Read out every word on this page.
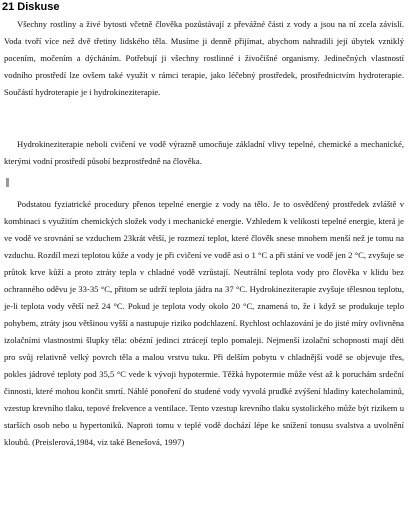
21 Diskuse

Všechny rostliny a živé bytosti včetně člověka pozůstávají z převážné části z vody a jsou na ní zcela závislí. Voda tvoří více než dvě třetiny lidského těla. Musíme ji denně přijímat, abychom nahradili její úbytek vzniklý pocením, močením a dýcháním. Potřebují ji všechny rostlinné i živočišné organismy. Jedinečných vlastností vodního prostředí lze ovšem také využít v rámci terapie, jako léčebný prostředek, prostřednictvím hydroterapie. Součástí hydroterapie je i hydrokineziterapie.

Hydrokineziterapie neboli cvičení ve vodě výrazně umocňuje základní vlivy tepelné, chemické a mechanické, kterými vodní prostředí působí bezprostředně na člověka.

Podstatou fyziatrické procedury přenos tepelné energie z vody na tělo. Je to osvědčený prostředek zvláště v kombinaci s využitím chemických složek vody i mechanické energie. Vzhledem k velikosti tepelné energie, která je ve vodě ve srovnání se vzduchem 23krát větší, je rozmezí teplot, které člověk snese mnohem menší než je tomu na vzduchu. Rozdíl mezi teplotou kůže a vody je při cvičení ve vodě asi o 1 °C a při stání ve vodě jen 2 °C, zvyšuje se průtok krve kůží a proto ztráty tepla v chladné vodě vzrůstají. Neutrální teplota vody pro člověka v klidu bez ochranného oděvu je 33-35 °C, přitom se udrží teplota jádra na 37 °C. Hydrokineziterapie zvyšuje tělesnou teplotu, je-li teplota vody větší než 24 °C. Pokud je teplota vody okolo 20 °C, znamená to, že i když se produkuje teplo pohybem, ztráty jsou většinou vyšší a nastupuje riziko podchlazení. Rychlost ochlazování je do jisté míry ovlivněna izolačními vlastnostmi šlupky těla: obézní jedinci ztrácejí teplo pomaleji. Nejmenší izolační schopnosti mají děti pro svůj relativně velký povrch těla a malou vrstvu tuku. Při delším pobytu v chladnější vodě se objevuje třes, pokles jádrové teploty pod 35,5 °C vede k vývoji hypotermie. Těžká hypotermie může vést až k poruchám srdeční činnosti, které mohou končit smrtí. Náhlé ponoření do studené vody vyvolá prudké zvýšení hladiny katecholaminů, vzestup krevního tlaku, tepové frekvence a ventilace. Tento vzestup krevního tlaku systolického může být rizikem u starších osob nebo u hypertoniků. Naproti tomu v teplé vodě dochází lépe ke snížení tonusu svalstva a uvolnění kloubů. (Preislerová,1984, viz také Benešová, 1997)
